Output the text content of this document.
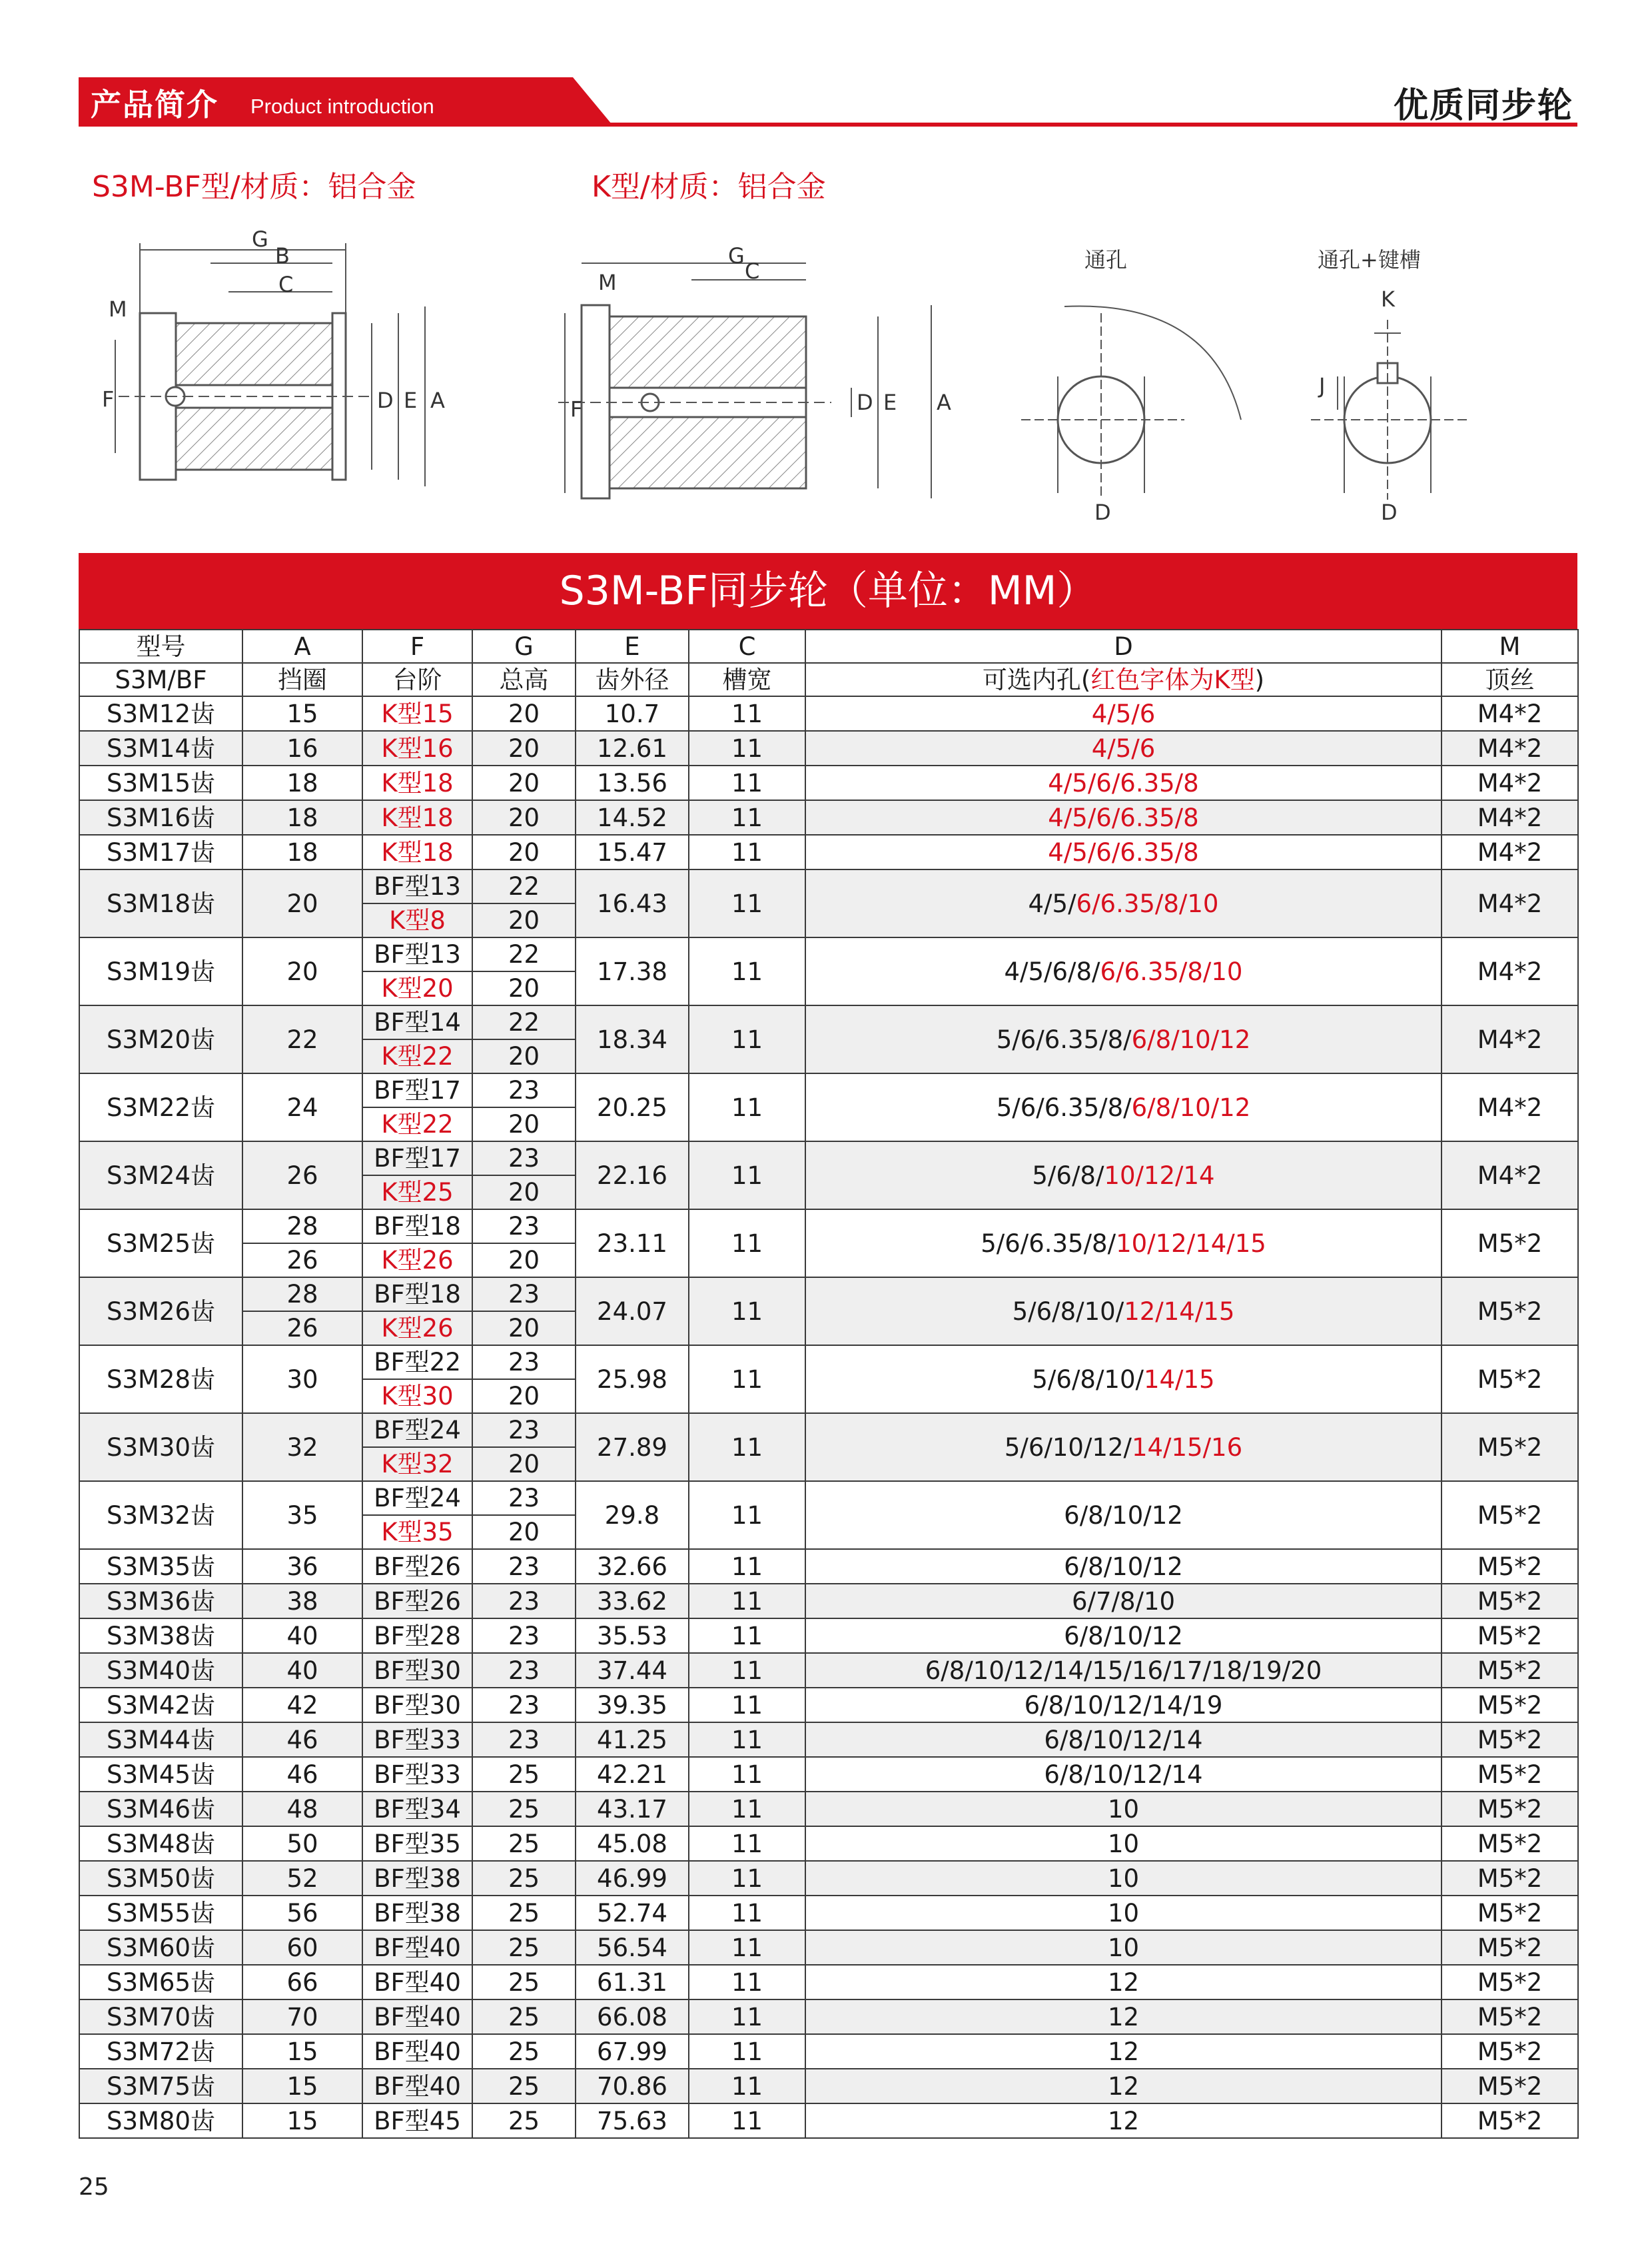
产品简介 Product introduction	优质同步轮
S3M-BF型/材质：铝合金	K型/材质：铝合金
G
B
C
M
F	D E A
G
C
M
F	D E A
通孔	通孔+键槽
D	D
K
J
S3M-BF同步轮（单位：MM）
型号	A	F	G	E	C	D	M
S3M/BF	挡圈	台阶	总高	齿外径	槽宽	可选内孔(红色字体为K型)	顶丝
S3M12齿	15	K型15	20	10.7	11	4/5/6	M4*2
S3M14齿	16	K型16	20	12.61	11	4/5/6	M4*2
S3M15齿	18	K型18	20	13.56	11	4/5/6/6.35/8	M4*2
S3M16齿	18	K型18	20	14.52	11	4/5/6/6.35/8	M4*2
S3M17齿	18	K型18	20	15.47	11	4/5/6/6.35/8	M4*2
S3M18齿	20	BF型13	22	16.43	11	4/5/6/6.35/8/10	M4*2
		K型8	20				
S3M19齿	20	BF型13	22	17.38	11	4/5/6/8/6/6.35/8/10	M4*2
		K型20	20				
S3M20齿	22	BF型14	22	18.34	11	5/6/6.35/8/6/8/10/12	M4*2
		K型22	20				
S3M22齿	24	BF型17	23	20.25	11	5/6/6.35/8/6/8/10/12	M4*2
		K型22	20				
S3M24齿	26	BF型17	23	22.16	11	5/6/8/10/12/14	M4*2
		K型25	20				
S3M25齿	28	BF型18	23	23.11	11	5/6/6.35/8/10/12/14/15	M5*2
	26	K型26	20				
S3M26齿	28	BF型18	23	24.07	11	5/6/8/10/12/14/15	M5*2
	26	K型26	20				
S3M28齿	30	BF型22	23	25.98	11	5/6/8/10/14/15	M5*2
		K型30	20				
S3M30齿	32	BF型24	23	27.89	11	5/6/10/12/14/15/16	M5*2
		K型32	20				
S3M32齿	35	BF型24	23	29.8	11	6/8/10/12	M5*2
		K型35	20				
S3M35齿	36	BF型26	23	32.66	11	6/8/10/12	M5*2
S3M36齿	38	BF型26	23	33.62	11	6/7/8/10	M5*2
S3M38齿	40	BF型28	23	35.53	11	6/8/10/12	M5*2
S3M40齿	40	BF型30	23	37.44	11	6/8/10/12/14/15/16/17/18/19/20	M5*2
S3M42齿	42	BF型30	23	39.35	11	6/8/10/12/14/19	M5*2
S3M44齿	46	BF型33	23	41.25	11	6/8/10/12/14	M5*2
S3M45齿	46	BF型33	25	42.21	11	6/8/10/12/14	M5*2
S3M46齿	48	BF型34	25	43.17	11	10	M5*2
S3M48齿	50	BF型35	25	45.08	11	10	M5*2
S3M50齿	52	BF型38	25	46.99	11	10	M5*2
S3M55齿	56	BF型38	25	52.74	11	10	M5*2
S3M60齿	60	BF型40	25	56.54	11	10	M5*2
S3M65齿	66	BF型40	25	61.31	11	12	M5*2
S3M70齿	70	BF型40	25	66.08	11	12	M5*2
S3M72齿	15	BF型40	25	67.99	11	12	M5*2
S3M75齿	15	BF型40	25	70.86	11	12	M5*2
S3M80齿	15	BF型45	25	75.63	11	12	M5*2
25
